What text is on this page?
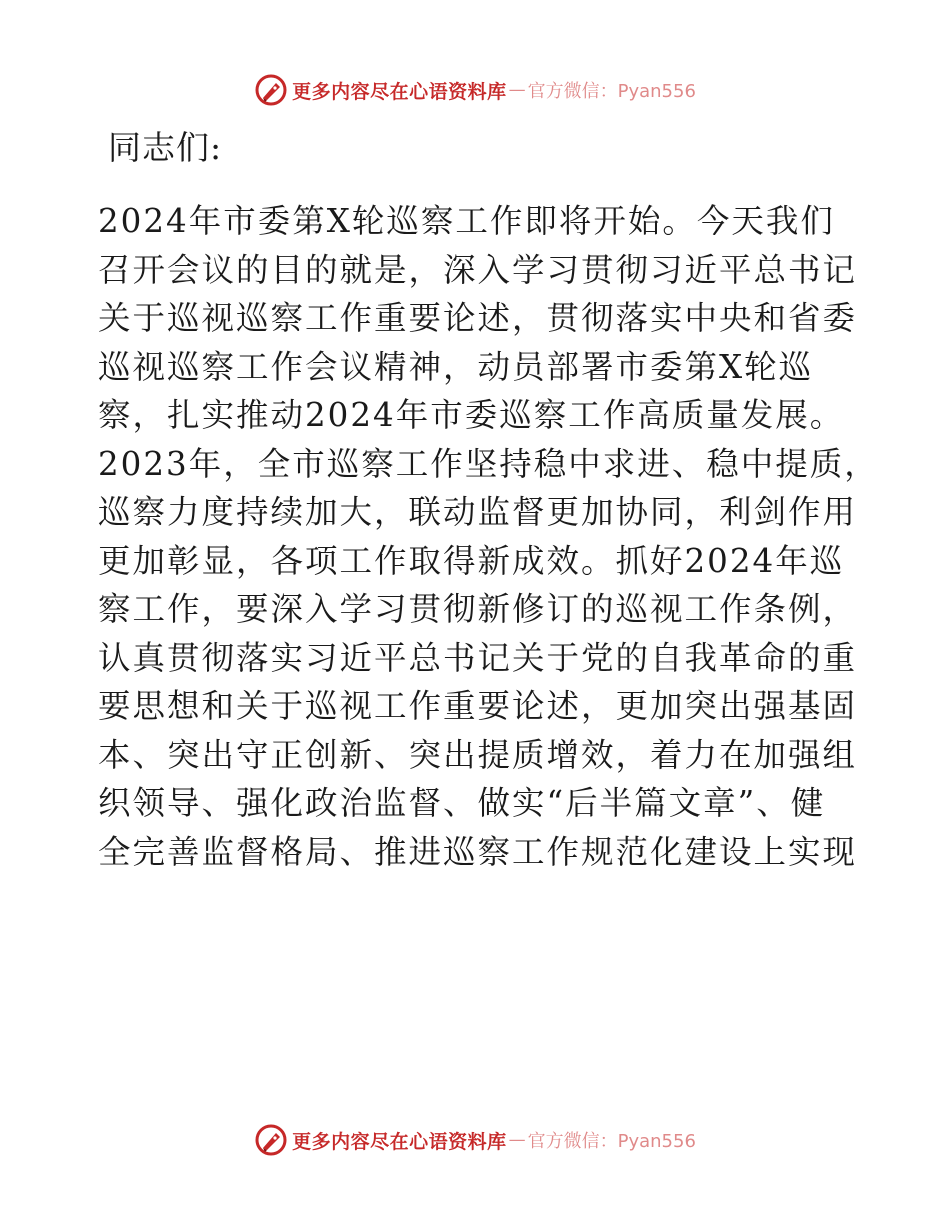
更多内容尽在心语资料库 — 官方微信：Pyan556

同志们:

2024年市委第X轮巡察工作即将开始。今天我们
召开会议的目的就是，深入学习贯彻习近平总书记
关于巡视巡察工作重要论述，贯彻落实中央和省委
巡视巡察工作会议精神，动员部署市委第X轮巡
察，扎实推动2024年市委巡察工作高质量发展。
2023年，全市巡察工作坚持稳中求进、稳中提质，
巡察力度持续加大，联动监督更加协同，利剑作用
更加彰显，各项工作取得新成效。抓好2024年巡
察工作，要深入学习贯彻新修订的巡视工作条例，
认真贯彻落实习近平总书记关于党的自我革命的重
要思想和关于巡视工作重要论述，更加突出强基固
本、突出守正创新、突出提质增效，着力在加强组
织领导、强化政治监督、做实“后半篇文章”、健
全完善监督格局、推进巡察工作规范化建设上实现
更多内容尽在心语资料库 — 官方微信：Pyan556
